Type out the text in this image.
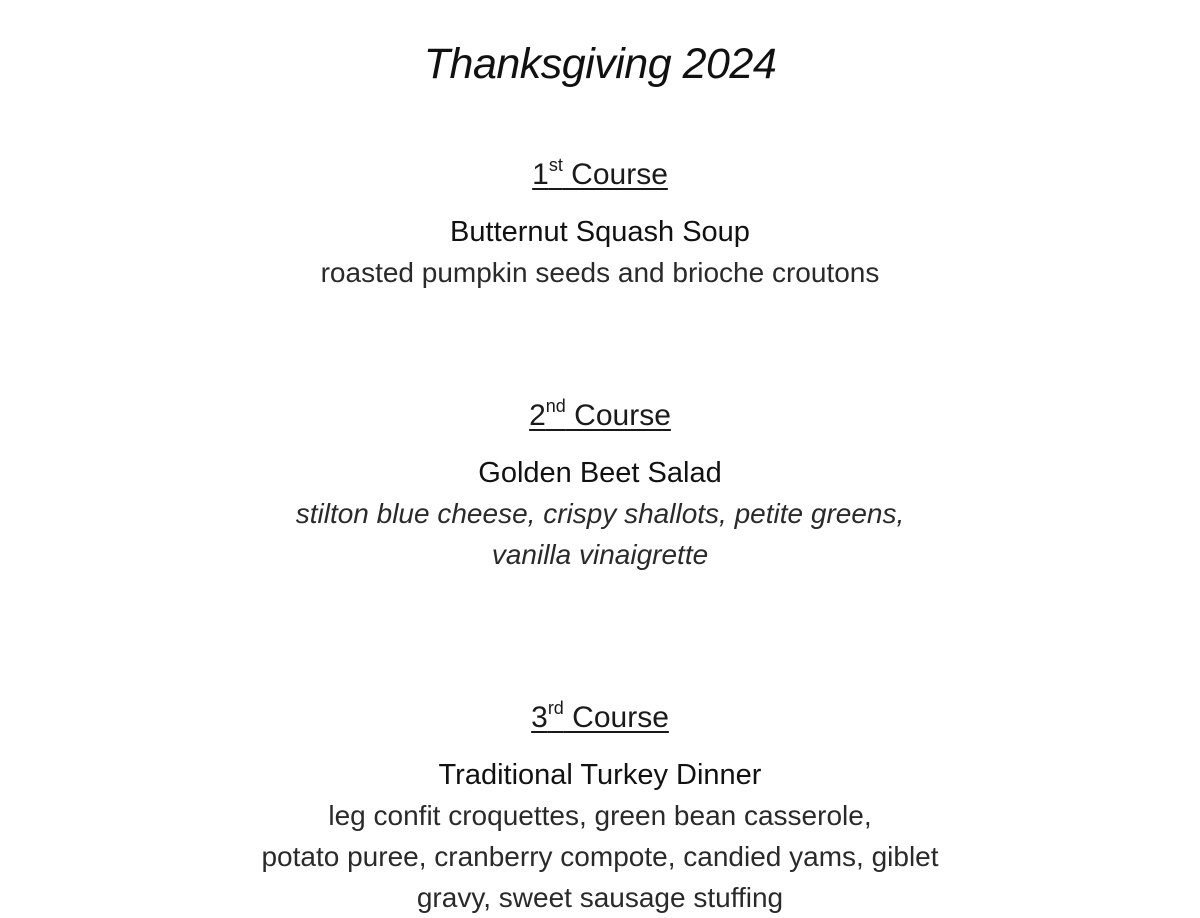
Thanksgiving 2024
1st Course
Butternut Squash Soup
roasted pumpkin seeds and brioche croutons
2nd Course
Golden Beet Salad
stilton blue cheese, crispy shallots, petite greens,
vanilla vinaigrette
3rd Course
Traditional Turkey Dinner
leg confit croquettes, green bean casserole,
potato puree, cranberry compote, candied yams, giblet
gravy, sweet sausage stuffing
